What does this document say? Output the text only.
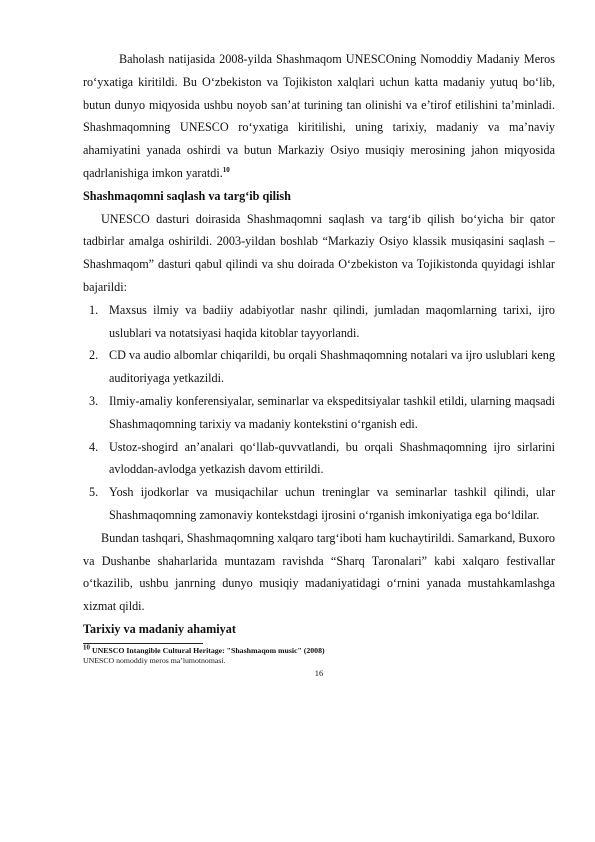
Baholash natijasida 2008-yilda Shashmaqom UNESCOning Nomoddiy Madaniy Meros ro‘yxatiga kiritildi. Bu O‘zbekiston va Tojikiston xalqlari uchun katta madaniy yutuq bo‘lib, butun dunyo miqyosida ushbu noyob san’at turining tan olinishi va e’tirof etilishini ta’minladi. Shashmaqomning UNESCO ro‘yxatiga kiritilishi, uning tarixiy, madaniy va ma’naviy ahamiyatini yanada oshirdi va butun Markaziy Osiyo musiqiy merosining jahon miqyosida qadrlanishiga imkon yaratdi.$^{10}$

Shashmaqomni saqlash va targ‘ib qilish

UNESCO dasturi doirasida Shashmaqomni saqlash va targ‘ib qilish bo‘yicha bir qator tadbirlar amalga oshirildi. 2003-yildan boshlab “Markaziy Osiyo klassik musiqasini saqlash – Shashmaqom” dasturi qabul qilindi va shu doirada O‘zbekiston va Tojikistonda quyidagi ishlar bajarildi:

1. Maxsus ilmiy va badiiy adabiyotlar nashr qilindi, jumladan maqomlarning tarixi, ijro uslublari va notatsiyasi haqida kitoblar tayyorlandi.
2. CD va audio albomlar chiqarildi, bu orqali Shashmaqomning notalari va ijro uslublari keng auditoriyaga yetkazildi.
3. Ilmiy-amaliy konferensiyalar, seminarlar va ekspeditsiyalar tashkil etildi, ularning maqsadi Shashmaqomning tarixiy va madaniy kontekstini o‘rganish edi.
4. Ustoz-shogird an’analari qo‘llab-quvvatlandi, bu orqali Shashmaqomning ijro sirlarini avloddan-avlodga yetkazish davom ettirildi.
5. Yosh ijodkorlar va musiqachilar uchun treninglar va seminarlar tashkil qilindi, ular Shashmaqomning zamonaviy kontekstdagi ijrosini o‘rganish imkoniyatiga ega bo‘ldilar.

Bundan tashqari, Shashmaqomning xalqaro targ‘iboti ham kuchaytirildi. Samarkand, Buxoro va Dushanbe shaharlarida muntazam ravishda “Sharq Taronalari” kabi xalqaro festivallar o‘tkazilib, ushbu janrning dunyo musiqiy madaniyatidagi o‘rnini yanada mustahkamlashga xizmat qildi.

Tarixiy va madaniy ahamiyat

$^{10}$ UNESCO Intangible Cultural Heritage: "Shashmaqom music" (2008)

UNESCO nomoddiy meros ma’lumotnomasi.

16
